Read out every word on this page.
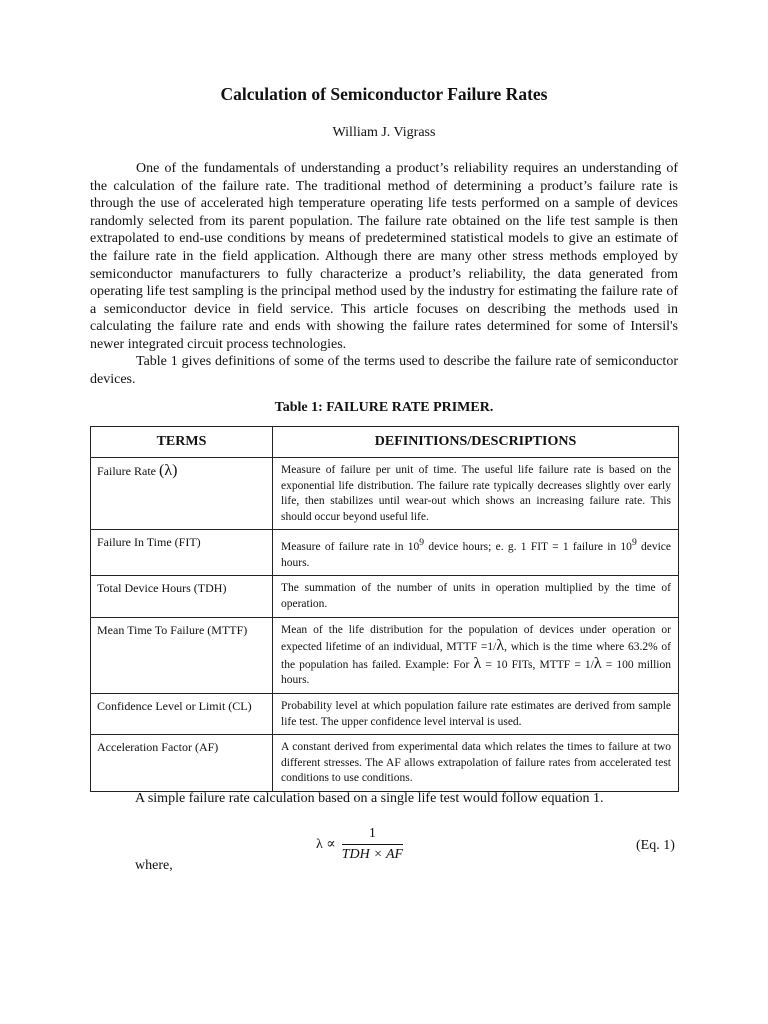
Calculation of Semiconductor Failure Rates
William J. Vigrass
One of the fundamentals of understanding a product’s reliability requires an understanding of the calculation of the failure rate. The traditional method of determining a product’s failure rate is through the use of accelerated high temperature operating life tests performed on a sample of devices randomly selected from its parent population. The failure rate obtained on the life test sample is then extrapolated to end-use conditions by means of predetermined statistical models to give an estimate of the failure rate in the field application. Although there are many other stress methods employed by semiconductor manufacturers to fully characterize a product’s reliability, the data generated from operating life test sampling is the principal method used by the industry for estimating the failure rate of a semiconductor device in field service. This article focuses on describing the methods used in calculating the failure rate and ends with showing the failure rates determined for some of Intersil's newer integrated circuit process technologies.
Table 1 gives definitions of some of the terms used to describe the failure rate of semiconductor devices.
Table 1: FAILURE RATE PRIMER.
TERMS	DEFINITIONS/DESCRIPTIONS
Failure Rate (λ)	Measure of failure per unit of time. The useful life failure rate is based on the exponential life distribution. The failure rate typically decreases slightly over early life, then stabilizes until wear-out which shows an increasing failure rate. This should occur beyond useful life.
Failure In Time (FIT)	Measure of failure rate in $10^9$ device hours; e. g. 1 FIT = 1 failure in $10^9$ device hours.
Total Device Hours (TDH)	The summation of the number of units in operation multiplied by the time of operation.
Mean Time To Failure (MTTF)	Mean of the life distribution for the population of devices under operation or expected lifetime of an individual, MTTF =1/λ, which is the time where 63.2% of the population has failed. Example: For λ = 10 FITs, MTTF = 1/λ = 100 million hours.
Confidence Level or Limit (CL)	Probability level at which population failure rate estimates are derived from sample life test. The upper confidence level interval is used.
Acceleration Factor (AF)	A constant derived from experimental data which relates the times to failure at two different stresses. The AF allows extrapolation of failure rates from accelerated test conditions to use conditions.
A simple failure rate calculation based on a single life test would follow equation 1.
$\lambda \propto \frac{1}{\text{TDH × AF}}$	(Eq. 1)
where,
